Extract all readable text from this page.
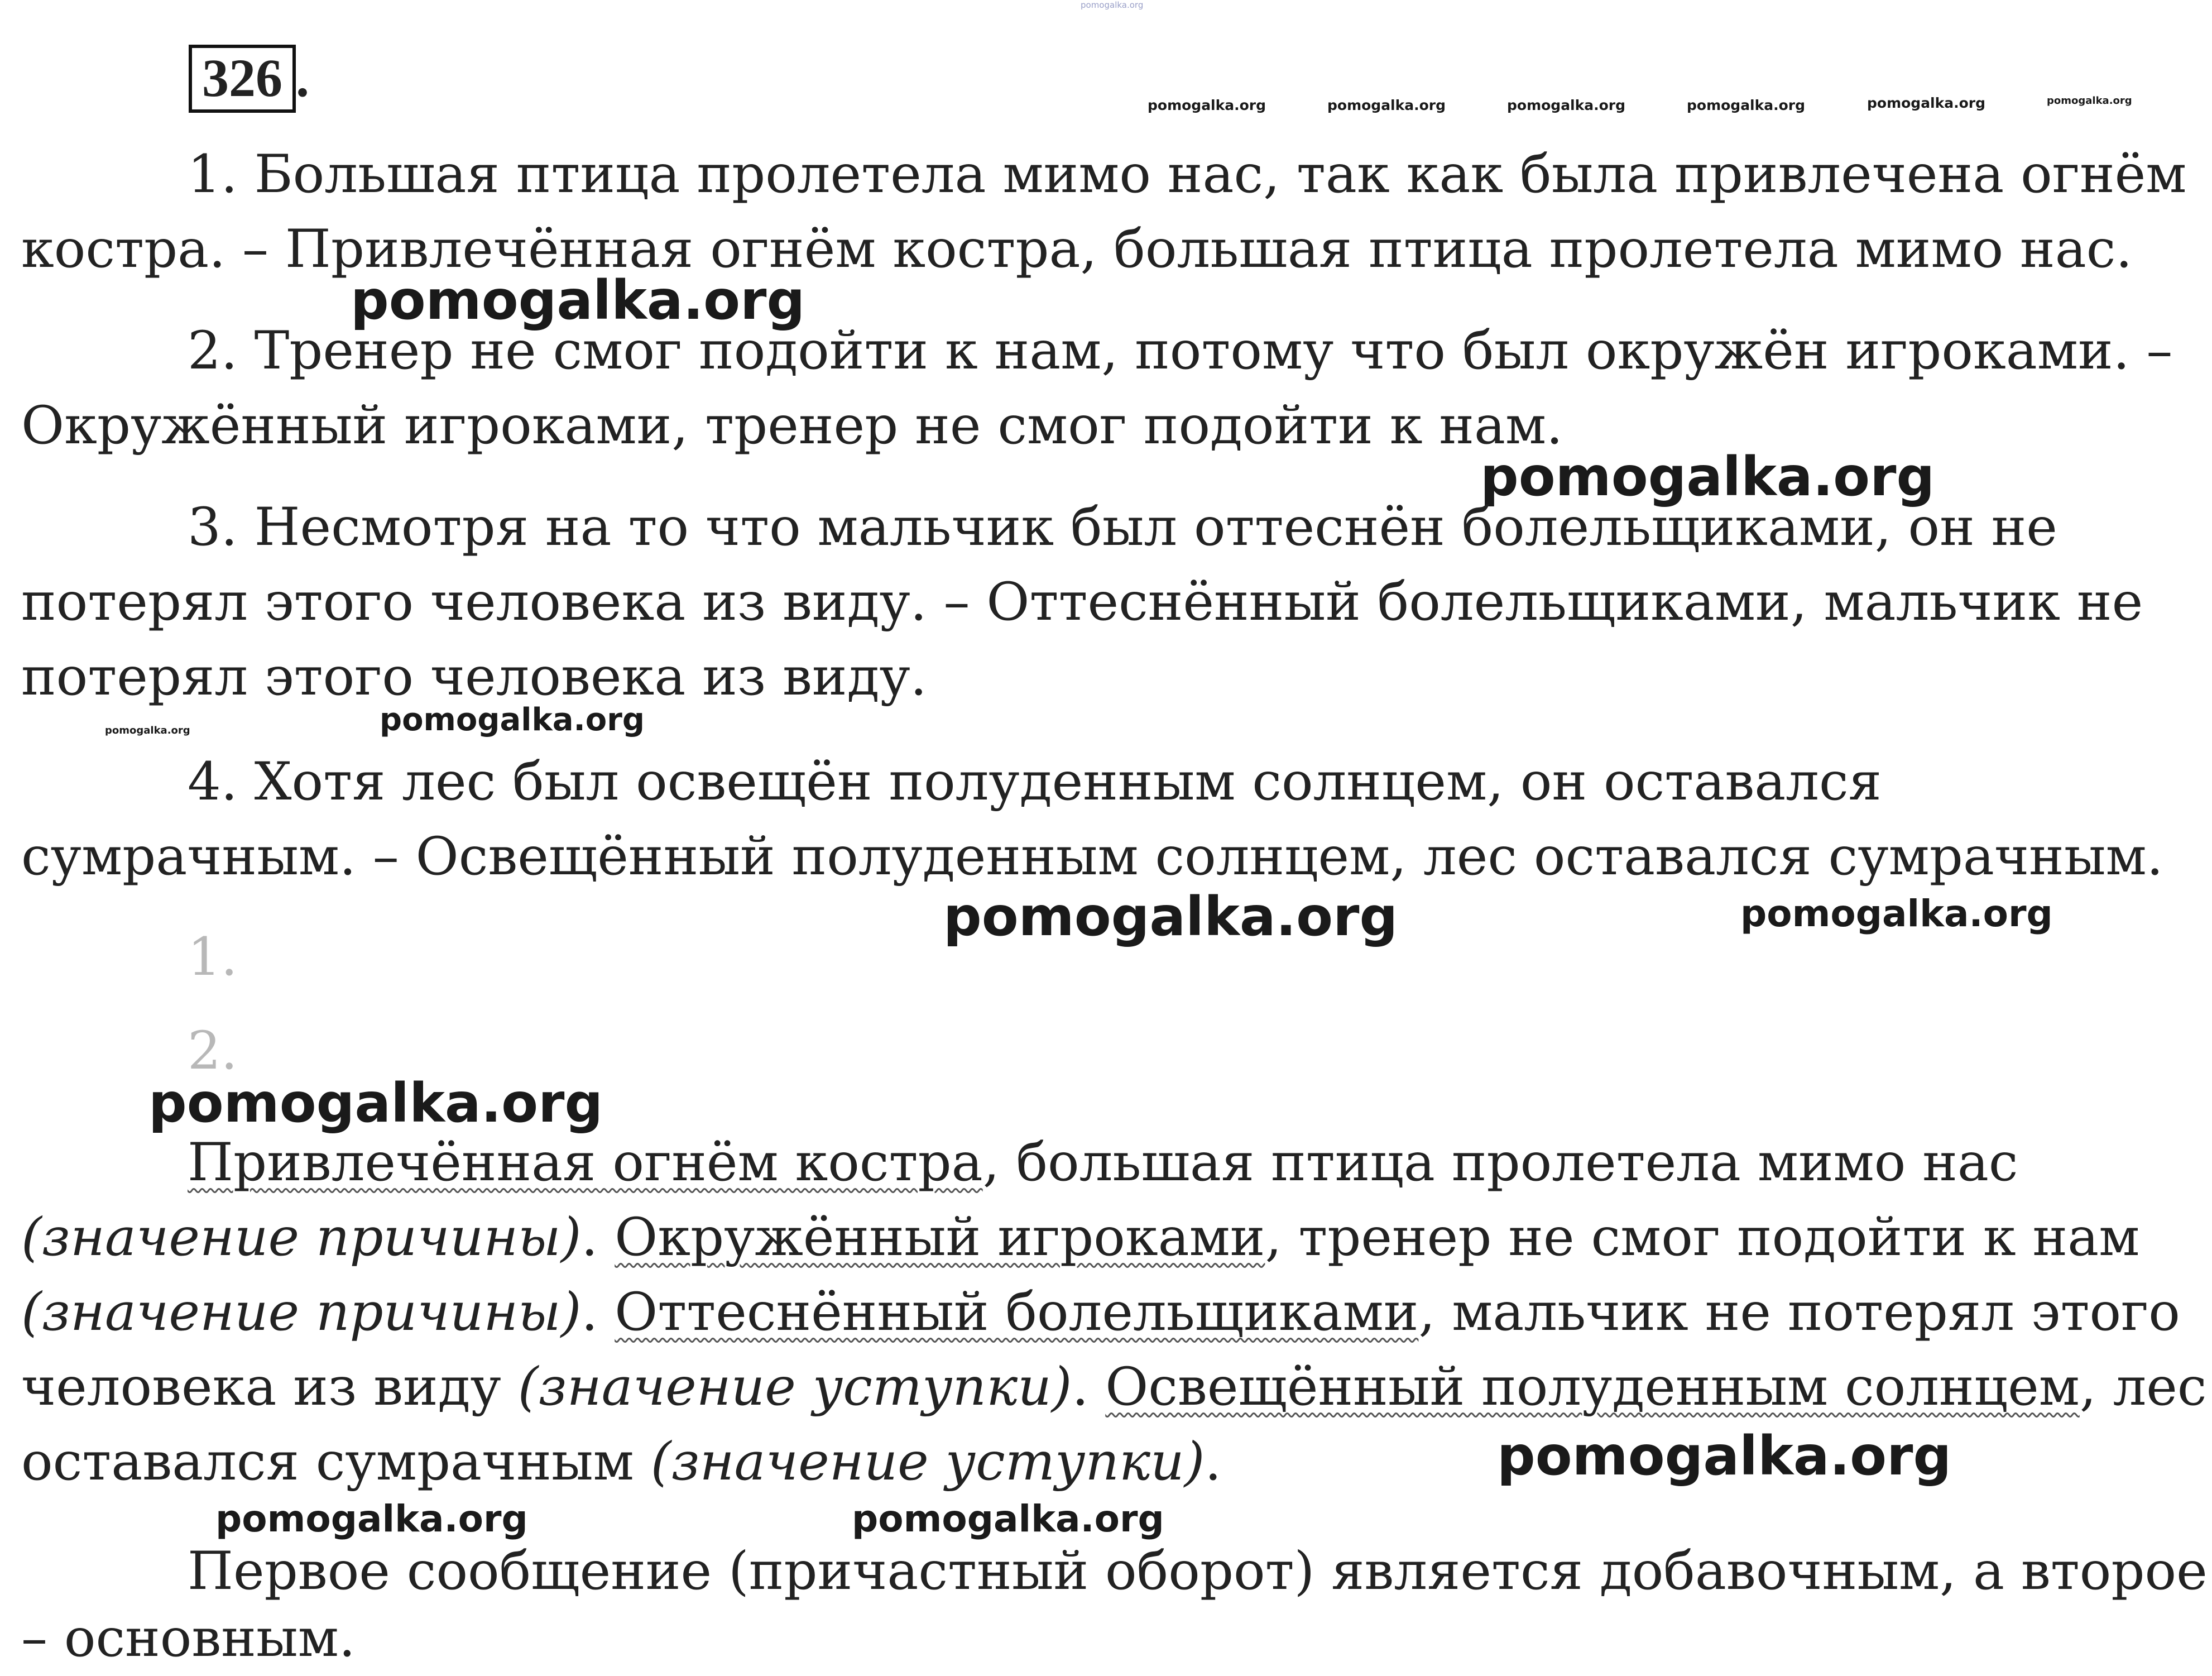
326 .
pomogalka.org
pomogalka.org	pomogalka.org	pomogalka.org	pomogalka.org	pomogalka.org	pomogalka.org
pomogalka.org
pomogalka.org
pomogalka.org	pomogalka.org
pomogalka.org	pomogalka.org
pomogalka.org
pomogalka.org
pomogalka.org	pomogalka.org
1. Большая птица пролетела мимо нас, так как была привлечена огнём
костра. – Привлечённая огнём костра, большая птица пролетела мимо нас.
2. Тренер не смог подойти к нам, потому что был окружён игроками. –
Окружённый игроками, тренер не смог подойти к нам.
3. Несмотря на то что мальчик был оттеснён болельщиками, он не
потерял этого человека из виду. – Оттеснённый болельщиками, мальчик не
потерял этого человека из виду.
4. Хотя лес был освещён полуденным солнцем, он оставался
сумрачным. – Освещённый полуденным солнцем, лес оставался сумрачным.
1.
2.
Привлечённая огнём костра, большая птица пролетела мимо нас
(значение причины). Окружённый игроками, тренер не смог подойти к нам
(значение причины). Оттеснённый болельщиками, мальчик не потерял этого
человека из виду (значение уступки). Освещённый полуденным солнцем, лес
оставался сумрачным (значение уступки).
Первое сообщение (причастный оборот) является добавочным, а второе
– основным.
